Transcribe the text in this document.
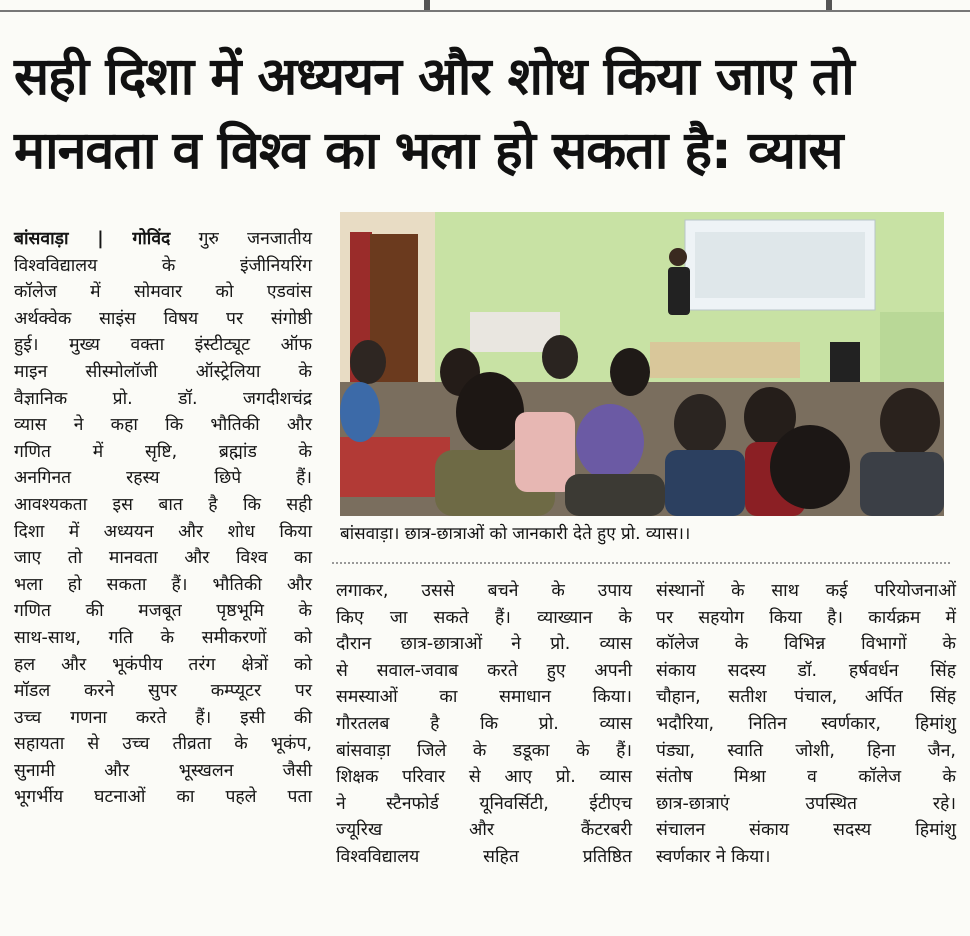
सही दिशा में अध्ययन और शोध किया जाए तो
मानवता व विश्व का भला हो सकता है: व्यास

बांसवाड़ा | गोविंद गुरु जनजातीय

विश्वविद्यालय के इंजीनियरिंग

कॉलेज में सोमवार को एडवांस

अर्थक्वेक साइंस विषय पर संगोष्ठी

हुई। मुख्य वक्ता इंस्टीट्यूट ऑफ

माइन सीस्मोलॉजी ऑस्ट्रेलिया के

वैज्ञानिक प्रो. डॉ. जगदीशचंद्र

व्यास ने कहा कि भौतिकी और

गणित में सृष्टि, ब्रह्मांड के

अनगिनत रहस्य छिपे हैं।

आवश्यकता इस बात है कि सही

दिशा में अध्ययन और शोध किया

जाए तो मानवता और विश्व का

भला हो सकता हैं। भौतिकी और

गणित की मजबूत पृष्ठभूमि के

साथ-साथ, गति के समीकरणों को

हल और भूकंपीय तरंग क्षेत्रों को

मॉडल करने सुपर कम्प्यूटर पर

उच्च गणना करते हैं। इसी की

सहायता से उच्च तीव्रता के भूकंप,

सुनामी और भूस्खलन जैसी

भूगर्भीय घटनाओं का पहले पता

बांसवाड़ा। छात्र-छात्राओं को जानकारी देते हुए प्रो. व्यास।।

लगाकर, उससे बचने के उपाय

किए जा सकते हैं। व्याख्यान के

दौरान छात्र-छात्राओं ने प्रो. व्यास

से सवाल-जवाब करते हुए अपनी

समस्याओं का समाधान किया।

गौरतलब है कि प्रो. व्यास

बांसवाड़ा जिले के डडूका के हैं।

शिक्षक परिवार से आए प्रो. व्यास

ने स्टैनफोर्ड यूनिवर्सिटी, ईटीएच

ज्यूरिख और कैंटरबरी

विश्वविद्यालय सहित प्रतिष्ठित

संस्थानों के साथ कई परियोजनाओं

पर सहयोग किया है। कार्यक्रम में

कॉलेज के विभिन्न विभागों के

संकाय सदस्य डॉ. हर्षवर्धन सिंह

चौहान, सतीश पंचाल, अर्पित सिंह

भदौरिया, नितिन स्वर्णकार, हिमांशु

पंड्या, स्वाति जोशी, हिना जैन,

संतोष मिश्रा व कॉलेज के

छात्र-छात्राएं उपस्थित रहे।

संचालन संकाय सदस्य हिमांशु

स्वर्णकार ने किया।
